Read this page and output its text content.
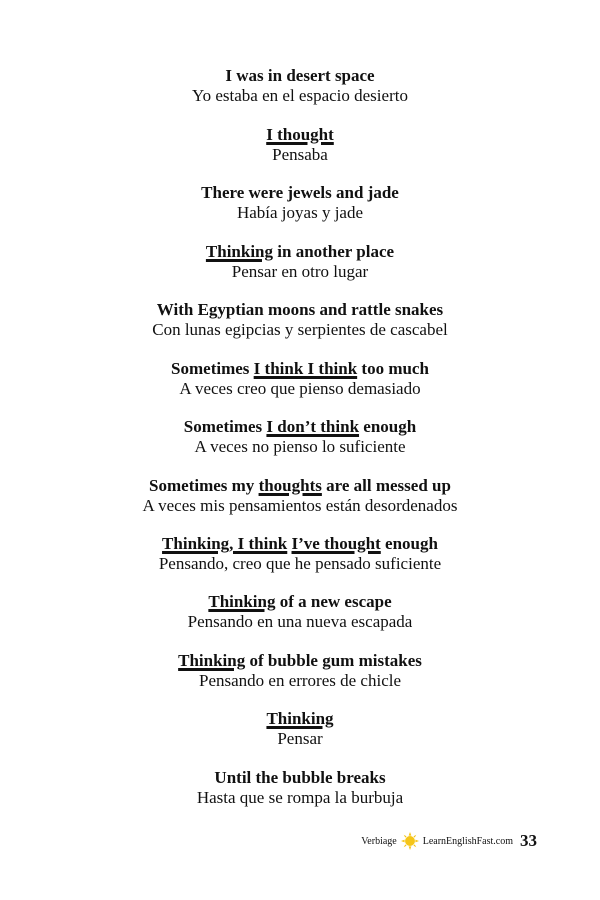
I was in desert space
Yo estaba en el espacio desierto
I thought
Pensaba
There were jewels and jade
Había joyas y jade
Thinking in another place
Pensar en otro lugar
With Egyptian moons and rattle snakes
Con lunas egipcias y serpientes de cascabel
Sometimes I think I think too much
A veces creo que pienso demasiado
Sometimes I don’t think enough
A veces no pienso lo suficiente
Sometimes my thoughts are all messed up
A veces mis pensamientos están desordenados
Thinking, I think I’ve thought enough
Pensando, creo que he pensado suficiente
Thinking of a new escape
Pensando en una nueva escapada
Thinking of bubble gum mistakes
Pensando en errores de chicle
Thinking
Pensar
Until the bubble breaks
Hasta que se rompa la burbuja
Verbiage	LearnEnglishFast.com 33
